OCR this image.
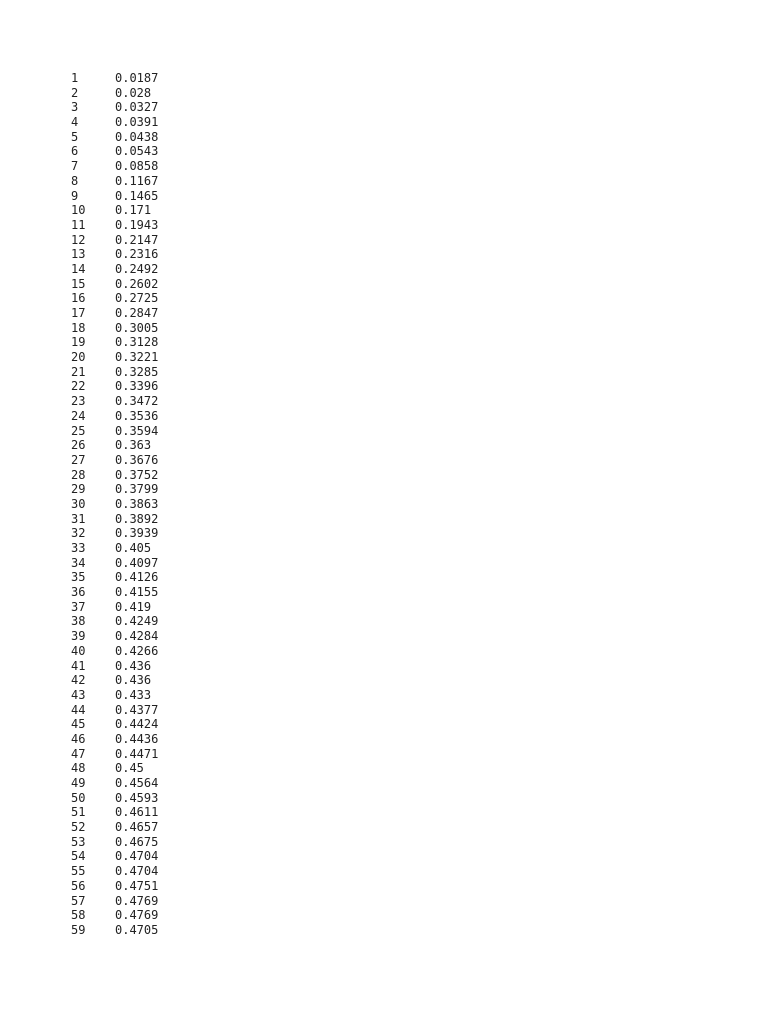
1	0.0187
2	0.028
3	0.0327
4	0.0391
5	0.0438
6	0.0543
7	0.0858
8	0.1167
9	0.1465
10	0.171
11	0.1943
12	0.2147
13	0.2316
14	0.2492
15	0.2602
16	0.2725
17	0.2847
18	0.3005
19	0.3128
20	0.3221
21	0.3285
22	0.3396
23	0.3472
24	0.3536
25	0.3594
26	0.363
27	0.3676
28	0.3752
29	0.3799
30	0.3863
31	0.3892
32	0.3939
33	0.405
34	0.4097
35	0.4126
36	0.4155
37	0.419
38	0.4249
39	0.4284
40	0.4266
41	0.436
42	0.436
43	0.433
44	0.4377
45	0.4424
46	0.4436
47	0.4471
48	0.45
49	0.4564
50	0.4593
51	0.4611
52	0.4657
53	0.4675
54	0.4704
55	0.4704
56	0.4751
57	0.4769
58	0.4769
59	0.4705
